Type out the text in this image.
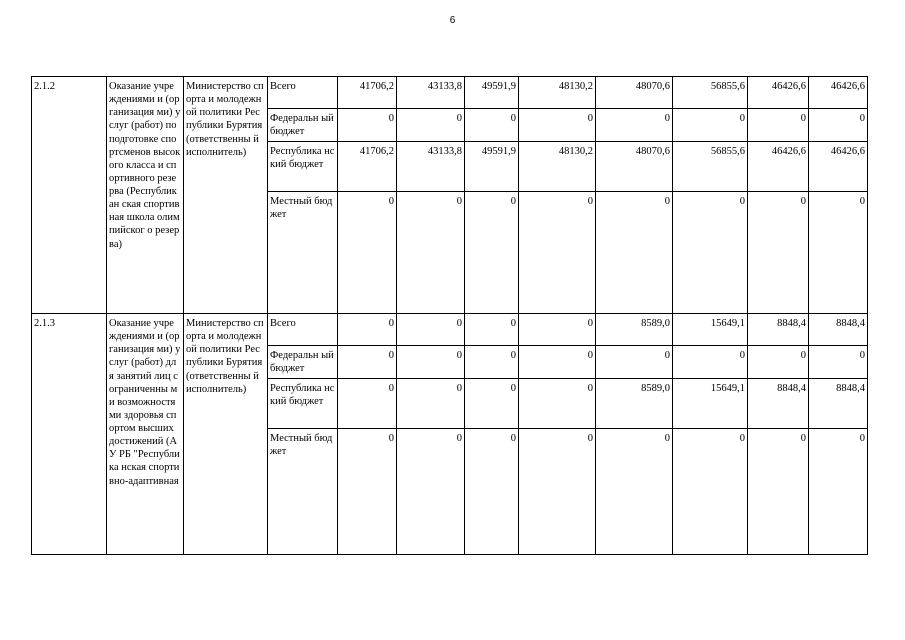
6
2.1.2	Оказание учреждениями и (организация ми) услуг (работ) по подготовке спортсменов высокого класса и спортивного резерва (Республикан ская спортивная школа олимпийског о резерва)	Министерство спорта и молодежной политики Республики Бурятия (ответственны й исполнитель)	Всего	41706,2	43133,8	49591,9	48130,2	48070,6	56855,6	46426,6	46426,6
			Федеральн ый бюджет	0	0	0	0	0	0	0	0
			Республика нский бюджет	41706,2	43133,8	49591,9	48130,2	48070,6	56855,6	46426,6	46426,6
			Местный бюджет	0	0	0	0	0	0	0	0
2.1.3	Оказание учреждениями и (организация ми) услуг (работ) для занятий лиц с ограниченны ми возможностя ми здоровья спортом высших достижений (АУ РБ "Республика нская спортивно-адаптивная	Министерство спорта и молодежной политики Республики Бурятия (ответственны й исполнитель)	Всего	0	0	0	0	8589,0	15649,1	8848,4	8848,4
			Федеральн ый бюджет	0	0	0	0	0	0	0	0
			Республика нский бюджет	0	0	0	0	8589,0	15649,1	8848,4	8848,4
			Местный бюджет	0	0	0	0	0	0	0	0
